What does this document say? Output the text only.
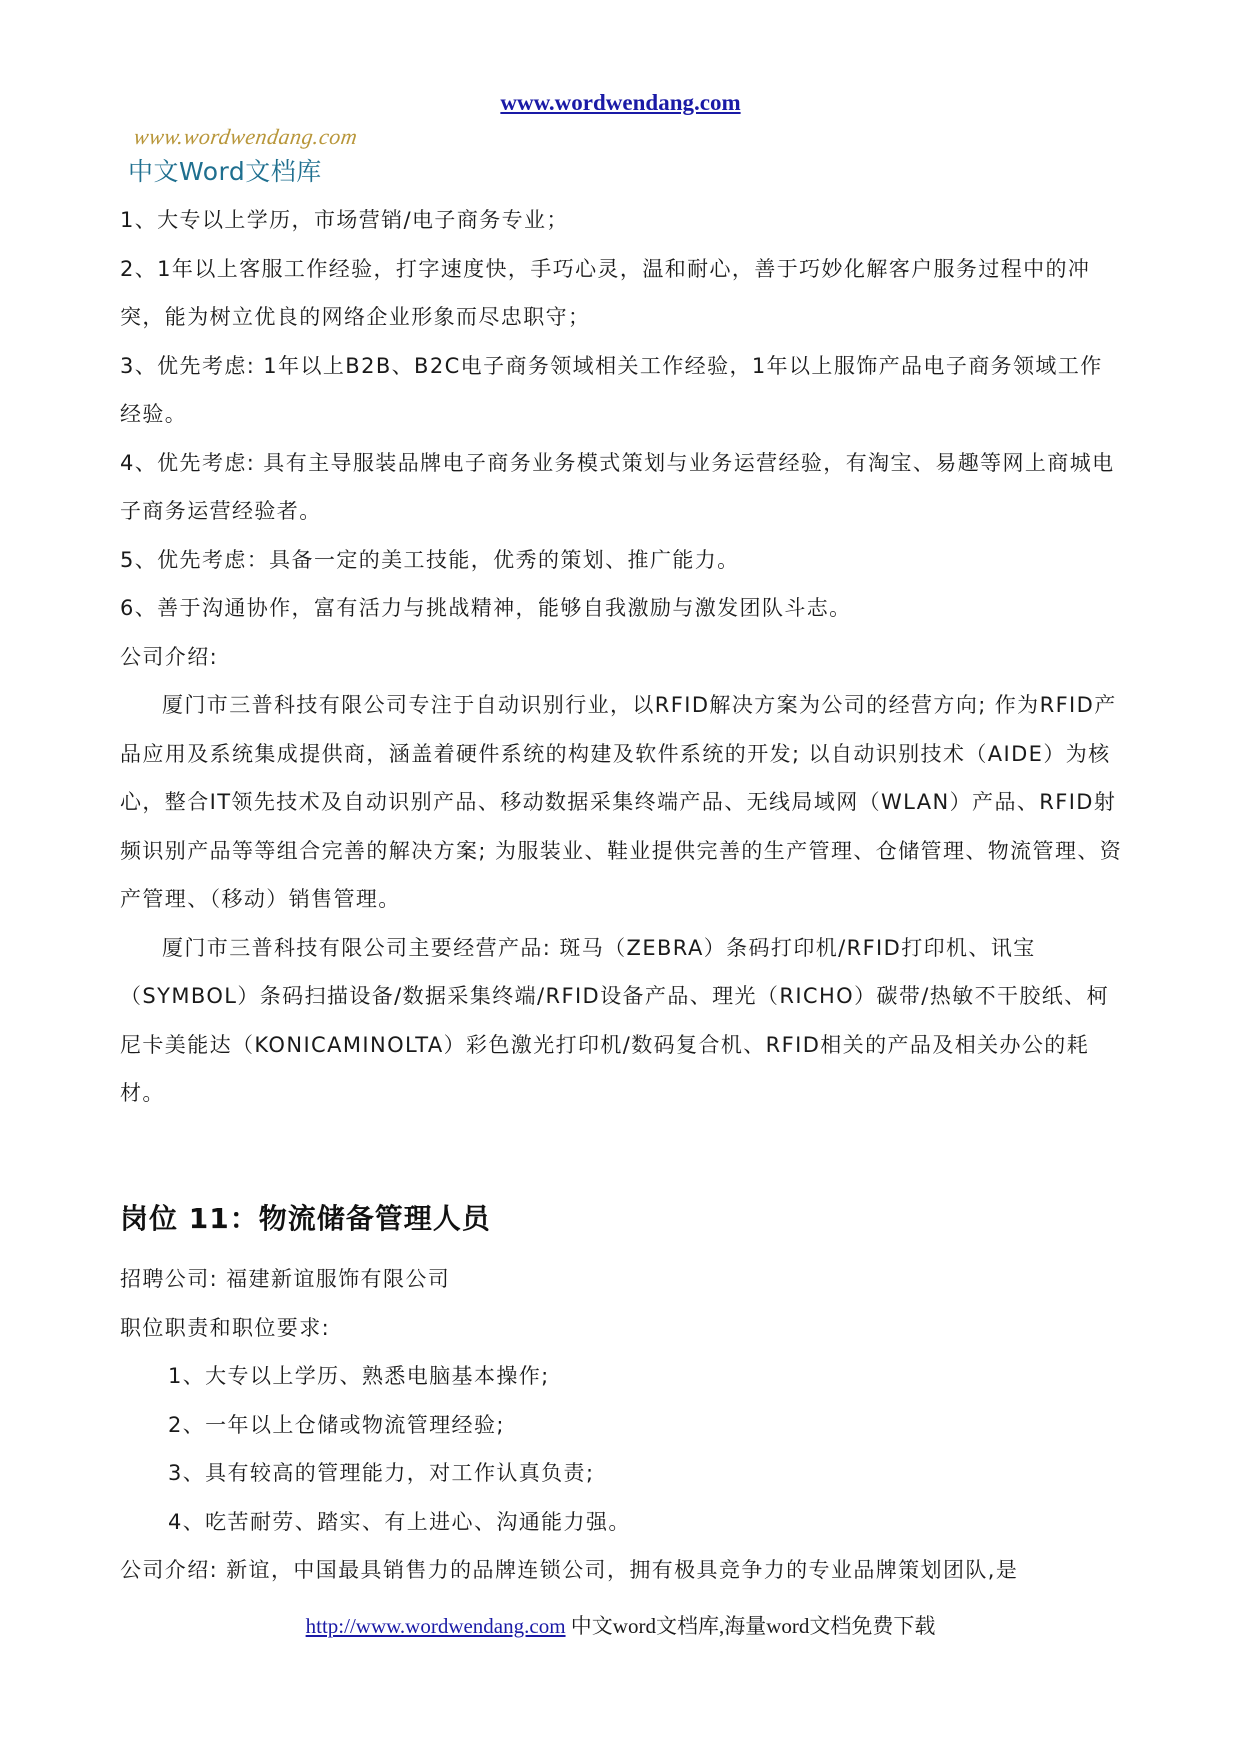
www.wordwendang.com
www.wordwendang.com
中文Word文档库

1、大专以上学历，市场营销/电子商务专业；

2、1年以上客服工作经验，打字速度快，手巧心灵，温和耐心，善于巧妙化解客户服务过程中的冲突，能为树立优良的网络企业形象而尽忠职守；

3、优先考虑: 1年以上B2B、B2C电子商务领域相关工作经验，1年以上服饰产品电子商务领域工作经验。

4、优先考虑: 具有主导服装品牌电子商务业务模式策划与业务运营经验，有淘宝、易趣等网上商城电子商务运营经验者。

5、优先考虑：具备一定的美工技能，优秀的策划、推广能力。

6、善于沟通协作，富有活力与挑战精神，能够自我激励与激发团队斗志。

公司介绍:

厦门市三普科技有限公司专注于自动识别行业，以RFID解决方案为公司的经营方向; 作为RFID产品应用及系统集成提供商，涵盖着硬件系统的构建及软件系统的开发; 以自动识别技术（AIDE）为核心，整合IT领先技术及自动识别产品、移动数据采集终端产品、无线局域网（WLAN）产品、RFID射频识别产品等等组合完善的解决方案; 为服装业、鞋业提供完善的生产管理、仓储管理、物流管理、资产管理、（移动）销售管理。

厦门市三普科技有限公司主要经营产品: 斑马（ZEBRA）条码打印机/RFID打印机、讯宝（SYMBOL）条码扫描设备/数据采集终端/RFID设备产品、理光（RICHO）碳带/热敏不干胶纸、柯尼卡美能达（KONICAMINOLTA）彩色激光打印机/数码复合机、RFID相关的产品及相关办公的耗材。

岗位 11：物流储备管理人员

招聘公司: 福建新谊服饰有限公司

职位职责和职位要求:

1、大专以上学历、熟悉电脑基本操作;

2、一年以上仓储或物流管理经验;

3、具有较高的管理能力，对工作认真负责;

4、吃苦耐劳、踏实、有上进心、沟通能力强。

公司介绍: 新谊，中国最具销售力的品牌连锁公司，拥有极具竞争力的专业品牌策划团队,是

http://www.wordwendang.com 中文word文档库,海量word文档免费下载
